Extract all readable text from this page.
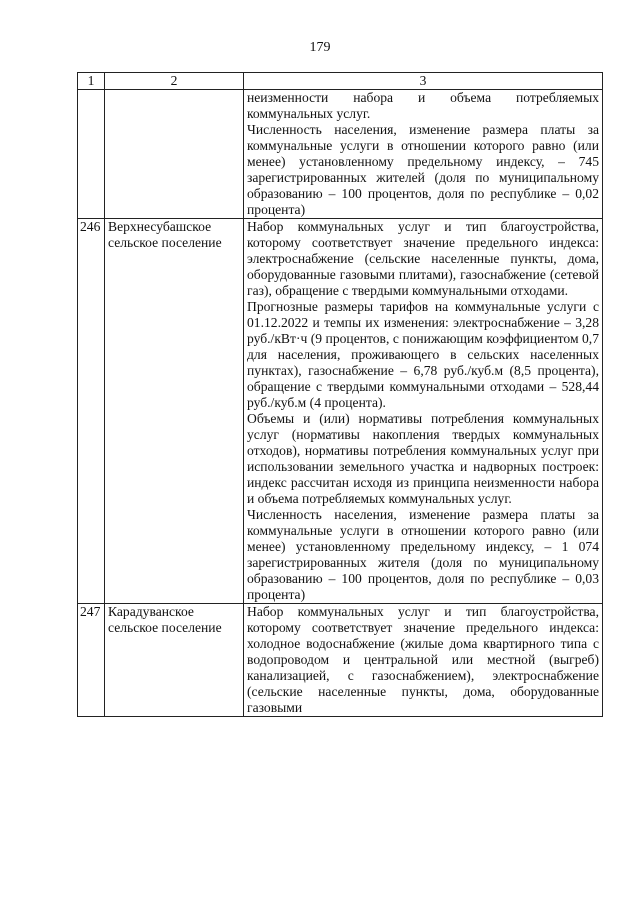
179
1	2	3

		неизменности набора и объема потребляемых коммунальных услуг.

Численность населения, изменение размера платы за коммунальные услуги в отношении которого равно (или менее) установленному предельному индексу, – 745 зарегистрированных жителей (доля по муниципальному образованию – 100 процентов, доля по республике – 0,02 процента)

246	Верхнесубашское сельское поселение	Набор коммунальных услуг и тип благоустройства, которому соответствует значение предельного индекса: электроснабжение (сельские населенные пункты, дома, оборудованные газовыми плитами), газоснабжение (сетевой газ), обращение с твердыми коммунальными отходами.

Прогнозные размеры тарифов на коммунальные услуги с 01.12.2022 и темпы их изменения: электроснабжение – 3,28 руб./кВт·ч (9 процентов, с понижающим коэффициентом 0,7 для населения, проживающего в сельских населенных пунктах), газоснабжение – 6,78 руб./куб.м (8,5 процента), обращение с твердыми коммунальными отходами – 528,44 руб./куб.м (4 процента).

Объемы и (или) нормативы потребления коммунальных услуг (нормативы накопления твердых коммунальных отходов), нормативы потребления коммунальных услуг при использовании земельного участка и надворных построек: индекс рассчитан исходя из принципа неизменности набора и объема потребляемых коммунальных услуг.

Численность населения, изменение размера платы за коммунальные услуги в отношении которого равно (или менее) установленному предельному индексу, – 1 074 зарегистрированных жителя (доля по муниципальному образованию – 100 процентов, доля по республике – 0,03 процента)

247	Карадуванское сельское поселение	Набор коммунальных услуг и тип благоустройства, которому соответствует значение предельного индекса: холодное водоснабжение (жилые дома квартирного типа с водопроводом и центральной или местной (выгреб) канализацией, с газоснабжением), электроснабжение (сельские населенные пункты, дома, оборудованные газовыми
